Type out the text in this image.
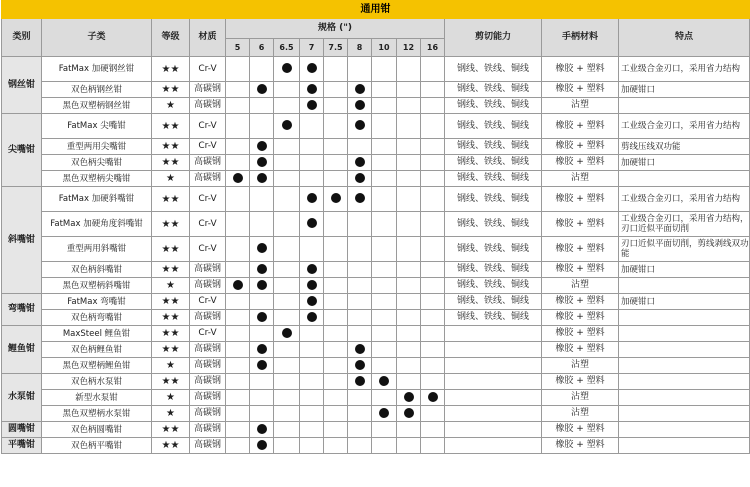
通用钳															
类别	子类	等级	材质	规格 (")									剪切能力	手柄材料	特点
				5	6	6.5	7	7.5	8	10	12	16			
钢丝钳	FatMax 加硬钢丝钳	★★	Cr-V										钢线、铁线、铜线	橡胶 + 塑料	工业级合金刃口，采用省力结构
	双色柄钢丝钳	★★	高碳钢										钢线、铁线、铜线	橡胶 + 塑料	加硬钳口
	黑色双塑柄钢丝钳	★	高碳钢										钢线、铁线、铜线	沾塑	
尖嘴钳	FatMax 尖嘴钳	★★	Cr-V										钢线、铁线、铜线	橡胶 + 塑料	工业级合金刃口，采用省力结构
	重型两用尖嘴钳	★★	Cr-V										钢线、铁线、铜线	橡胶 + 塑料	剪线压线双功能
	双色柄尖嘴钳	★★	高碳钢										钢线、铁线、铜线	橡胶 + 塑料	加硬钳口
	黑色双塑柄尖嘴钳	★	高碳钢										钢线、铁线、铜线	沾塑	
斜嘴钳	FatMax 加硬斜嘴钳	★★	Cr-V										钢线、铁线、铜线	橡胶 + 塑料	工业级合金刃口，采用省力结构
	FatMax 加硬角度斜嘴钳	★★	Cr-V										钢线、铁线、铜线	橡胶 + 塑料	工业级合金刃口，采用省力结构，刃口近似平面切削
	重型两用斜嘴钳	★★	Cr-V										钢线、铁线、铜线	橡胶 + 塑料	刃口近似平面切削，剪线剥线双功能
	双色柄斜嘴钳	★★	高碳钢										钢线、铁线、铜线	橡胶 + 塑料	加硬钳口
	黑色双塑柄斜嘴钳	★	高碳钢										钢线、铁线、铜线	沾塑	
弯嘴钳	FatMax 弯嘴钳	★★	Cr-V										钢线、铁线、铜线	橡胶 + 塑料	加硬钳口
	双色柄弯嘴钳	★★	高碳钢										钢线、铁线、铜线	橡胶 + 塑料	
鲤鱼钳	MaxSteel 鲤鱼钳	★★	Cr-V											橡胶 + 塑料	
	双色柄鲤鱼钳	★★	高碳钢											橡胶 + 塑料	
	黑色双塑柄鲤鱼钳	★	高碳钢											沾塑	
水泵钳	双色柄水泵钳	★★	高碳钢											橡胶 + 塑料	
	新型水泵钳	★	高碳钢											沾塑	
	黑色双塑柄水泵钳	★	高碳钢											沾塑	
圆嘴钳	双色柄圆嘴钳	★★	高碳钢											橡胶 + 塑料	
平嘴钳	双色柄平嘴钳	★★	高碳钢											橡胶 + 塑料	
